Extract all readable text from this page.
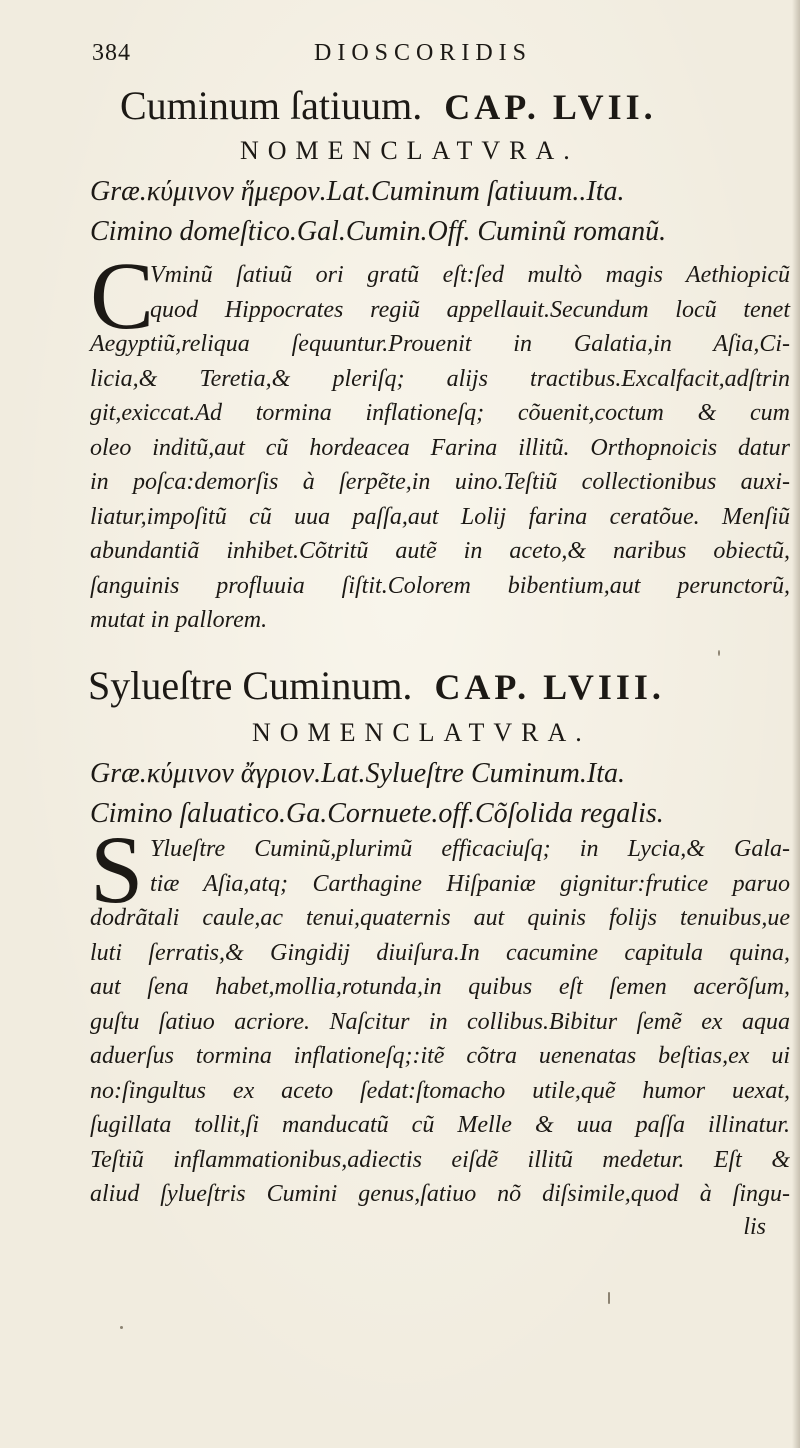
384	DIOSCORIDIS
Cuminum ſatiuum. CAP. LVII.
NOMENCLATVRA.
Græ.κύμινον ἥμερον.Lat.Cuminum ſatiuum..Ita.
Cimino domeſtico.Gal.Cumin.Off. Cuminũ romanũ.
C
Vminũ ſatiuũ ori gratũ eſt:ſed multò magis Aethiopicũ
quod Hippocrates regiũ appellauit.Secundum locũ tenet
Aegyptiũ,reliqua ſequuntur.Prouenit in Galatia,in Aſia,Ci-
licia,& Teretia,& pleriſq; alijs tractibus.Excalfacit,adſtrin
git,exiccat.Ad tormina inflationeſq; cõuenit,coctum & cum
oleo inditũ,aut cũ hordeacea Farina illitũ. Orthopnoicis datur
in poſca:demorſis à ſerpẽte,in uino.Teſtiũ collectionibus auxi-
liatur,impoſitũ cũ uua paſſa,aut Lolij farina ceratõue. Menſiũ
abundantiã inhibet.Cõtritũ autẽ in aceto,& naribus obiectũ,
ſanguinis profluuia ſiſtit.Colorem bibentium,aut perunctorũ,
mutat in pallorem.
Sylueſtre Cuminum. CAP. LVIII.
NOMENCLATVRA.
Græ.κύμινον ἄγριον.Lat.Sylueſtre Cuminum.Ita.
Cimino ſaluatico.Ga.Cornuete.off.Cõſolida regalis.
S Ylueſtre Cuminũ,plurimũ efficaciuſq; in Lycia,& Gala-
tiæ Aſia,atq; Carthagine Hiſpaniæ gignitur:frutice paruo
dodrãtali caule,ac tenui,quaternis aut quinis folijs tenuibus,ue
luti ſerratis,& Gingidij diuiſura.In cacumine capitula quina,
aut ſena habet,mollia,rotunda,in quibus eſt ſemen acerõſum,
guſtu ſatiuo acriore. Naſcitur in collibus.Bibitur ſemẽ ex aqua
aduerſus tormina inflationeſq;:itẽ cõtra uenenatas beſtias,ex ui
no:ſingultus ex aceto ſedat:ſtomacho utile,quẽ humor uexat,
ſugillata tollit,ſi manducatũ cũ Melle & uua paſſa illinatur.
Teſtiũ inflammationibus,adiectis eiſdẽ illitũ medetur. Eſt &
aliud ſylueſtris Cumini genus,ſatiuo nõ diſsimile,quod à ſingu-
lis
